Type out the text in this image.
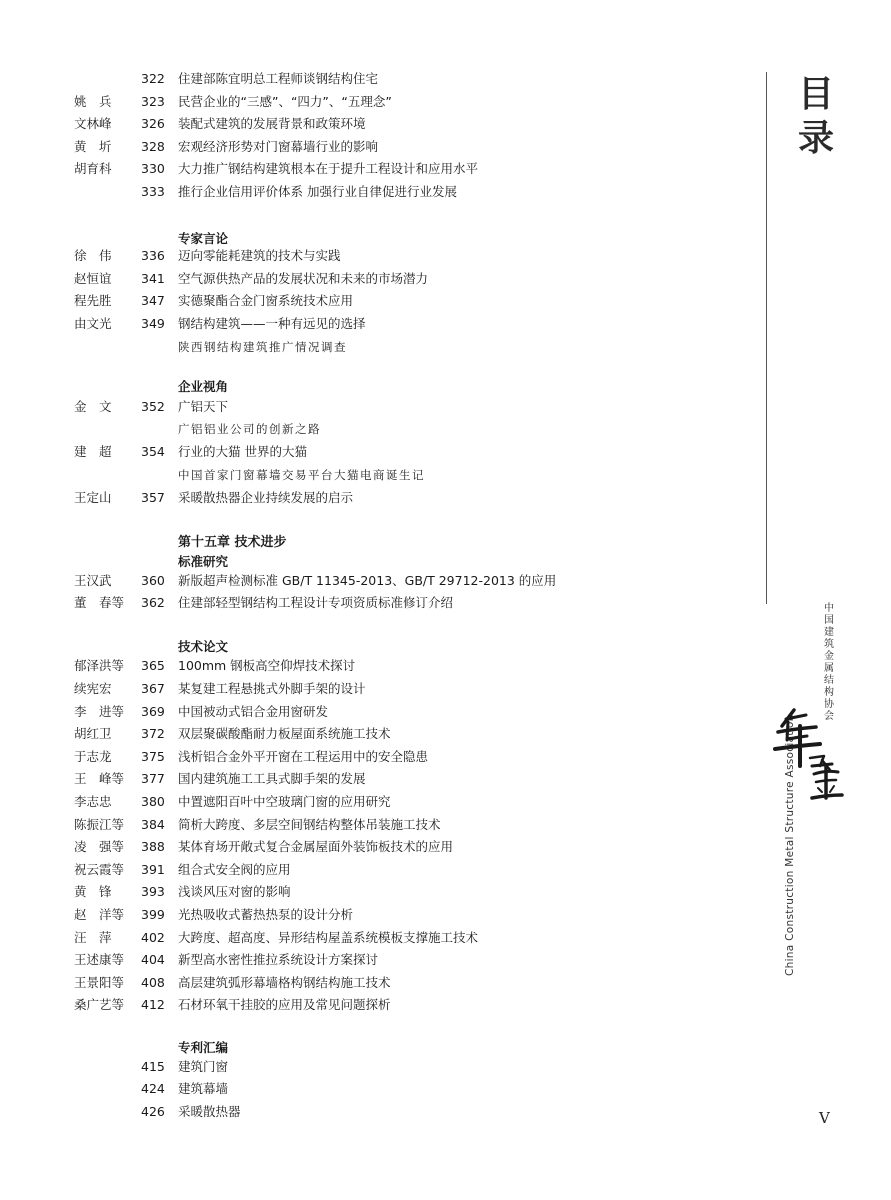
322	住建部陈宜明总工程师谈钢结构住宅
姚　兵	323	民营企业的“三感”、“四力”、“五理念”
文林峰	326	装配式建筑的发展背景和政策环境
黄　圻	328	宏观经济形势对门窗幕墙行业的影响
胡育科	330	大力推广钢结构建筑根本在于提升工程设计和应用水平
333	推行企业信用评价体系 加强行业自律促进行业发展
专家言论
徐　伟	336	迈向零能耗建筑的技术与实践
赵恒谊	341	空气源供热产品的发展状况和未来的市场潜力
程先胜	347	实德聚酯合金门窗系统技术应用
由文光	349	钢结构建筑——一种有远见的选择
陕西钢结构建筑推广情况调查
企业视角
金　文	352	广铝天下
广铝铝业公司的创新之路
建　超	354	行业的大猫 世界的大猫
中国首家门窗幕墙交易平台大猫电商诞生记
王定山	357	采暖散热器企业持续发展的启示
第十五章 技术进步
标准研究
王汉武	360	新版超声检测标准 GB/T 11345-2013、GB/T 29712-2013 的应用
董　春等	362	住建部轻型钢结构工程设计专项资质标准修订介绍
技术论文
郁泽洪等	365	100mm 钢板高空仰焊技术探讨
续宪宏	367	某复建工程悬挑式外脚手架的设计
李　进等	369	中国被动式铝合金用窗研发
胡红卫	372	双层聚碳酸酯耐力板屋面系统施工技术
于志龙	375	浅析铝合金外平开窗在工程运用中的安全隐患
王　峰等	377	国内建筑施工工具式脚手架的发展
李志忠	380	中置遮阳百叶中空玻璃门窗的应用研究
陈振江等	384	简析大跨度、多层空间钢结构整体吊装施工技术
凌　强等	388	某体育场开敞式复合金属屋面外装饰板技术的应用
祝云霞等	391	组合式安全阀的应用
黄　锋	393	浅谈风压对窗的影响
赵　洋等	399	光热吸收式蓄热热泵的设计分析
汪　萍	402	大跨度、超高度、异形结构屋盖系统模板支撑施工技术
王述康等	404	新型高水密性推拉系统设计方案探讨
王景阳等	408	高层建筑弧形幕墙格构钢结构施工技术
桑广艺等	412	石材环氧干挂胶的应用及常见问题探析
专利汇编
415	建筑门窗
424	建筑幕墙
426	采暖散热器
目
录
中
国
建
筑
金
属
结
构
协
会
China Construction Metal Structure Association
V
